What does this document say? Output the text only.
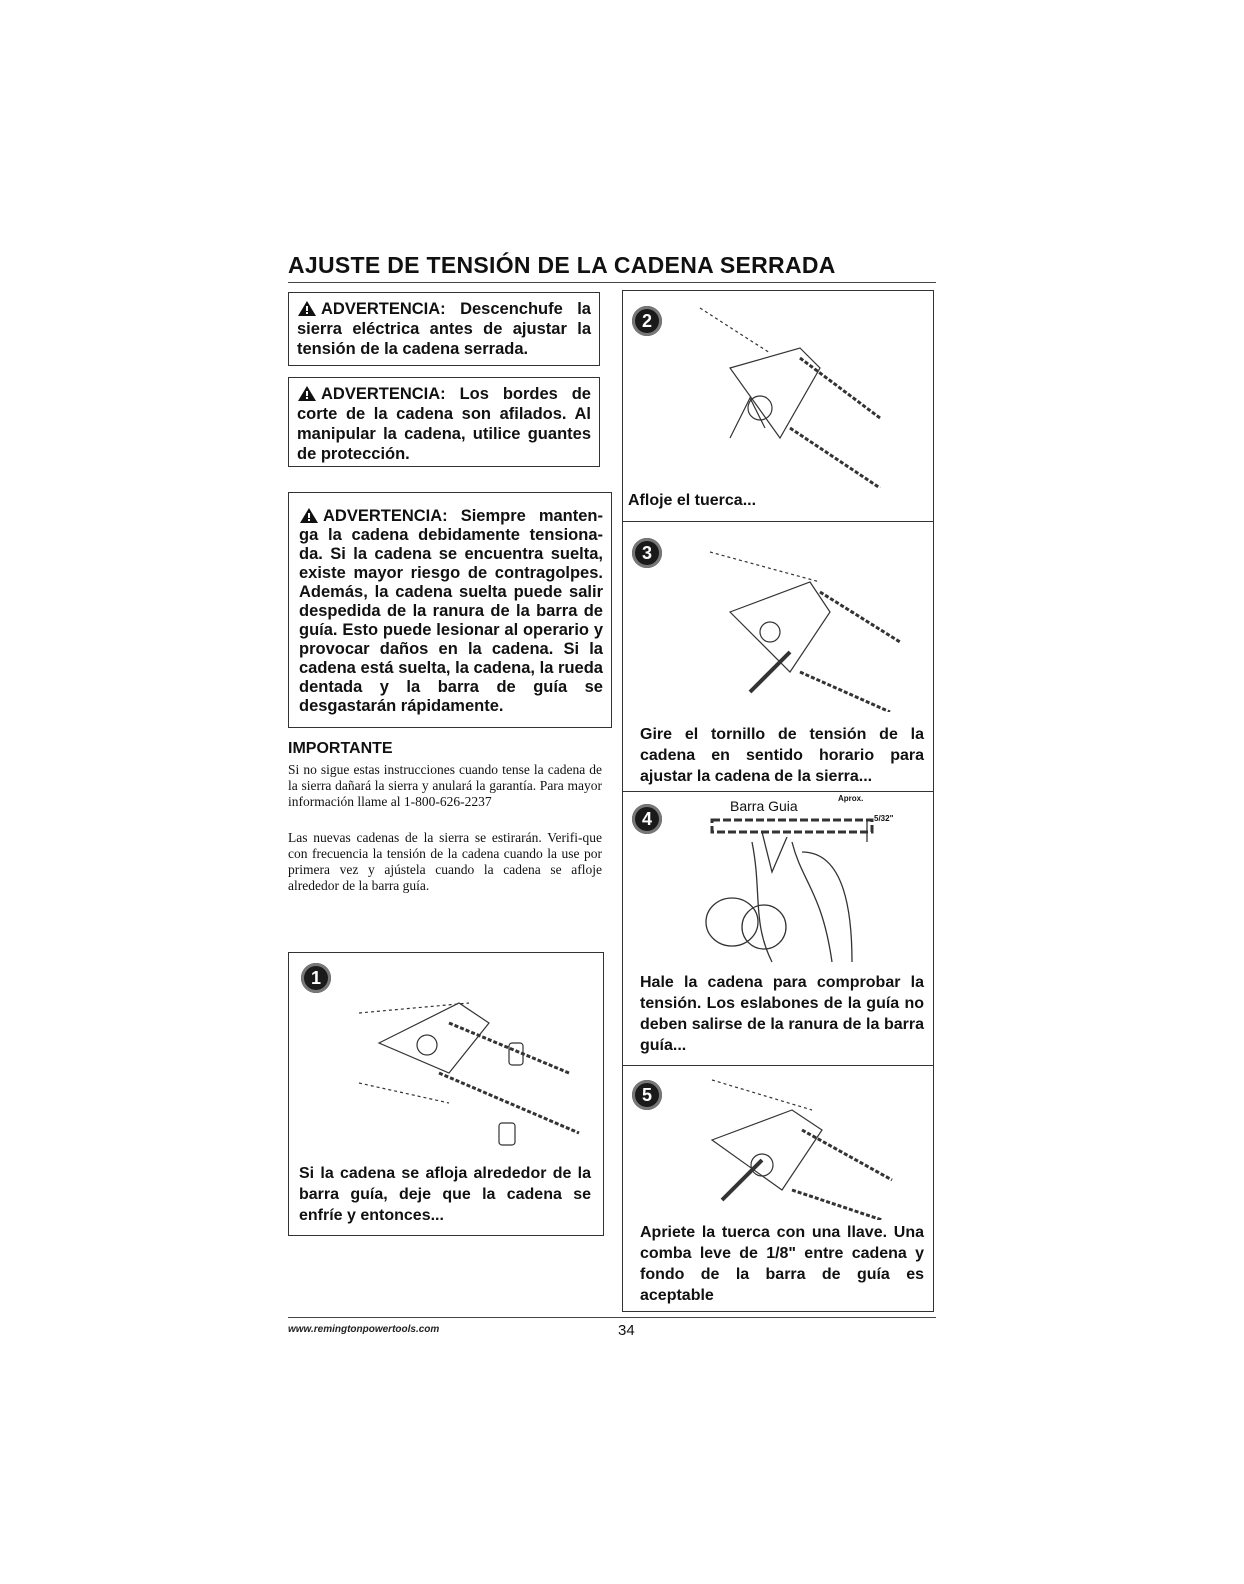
AJUSTE DE TENSIÓN DE LA CADENA SERRADA
ADVERTENCIA: Descenchufe la sierra eléctrica antes de ajustar la tensión de la cadena serrada.
ADVERTENCIA: Los bordes de corte de la cadena son afilados. Al manipular la cadena, utilice guantes de protección.
ADVERTENCIA: Siempre manten-ga la cadena debidamente tensiona-da. Si la cadena se encuentra suelta, existe mayor riesgo de contragolpes. Además, la cadena suelta puede salir despedida de la ranura de la barra de guía. Esto puede lesionar al operario y provocar daños en la cadena. Si la cadena está suelta, la cadena, la rueda dentada y la barra de guía se desgastarán rápidamente.
IMPORTANTE
Si no sigue estas instrucciones cuando tense la cadena de la sierra dañará la sierra y anulará la garantía. Para mayor información llame al 1-800-626-2237
Las nuevas cadenas de la sierra se estirarán. Verifi-que con frecuencia la tensión de la cadena cuando la use por primera vez y ajústela cuando la cadena se afloje alrededor de la barra guía.
1
Si la cadena se afloja alrededor de la barra guía, deje que la cadena se enfríe y entonces...
2
Afloje el tuerca...
3
Gire el tornillo de tensión de la cadena en sentido horario para ajustar la cadena de la sierra...
4
Barra Guia	Aprox.
5/32"
Hale la cadena para comprobar la tensión. Los eslabones de la guía no deben salirse de la ranura de la barra guía...
5
Apriete la tuerca con una llave. Una comba leve de 1/8" entre cadena y fondo de la barra de guía es aceptable
www.remingtonpowertools.com	34
